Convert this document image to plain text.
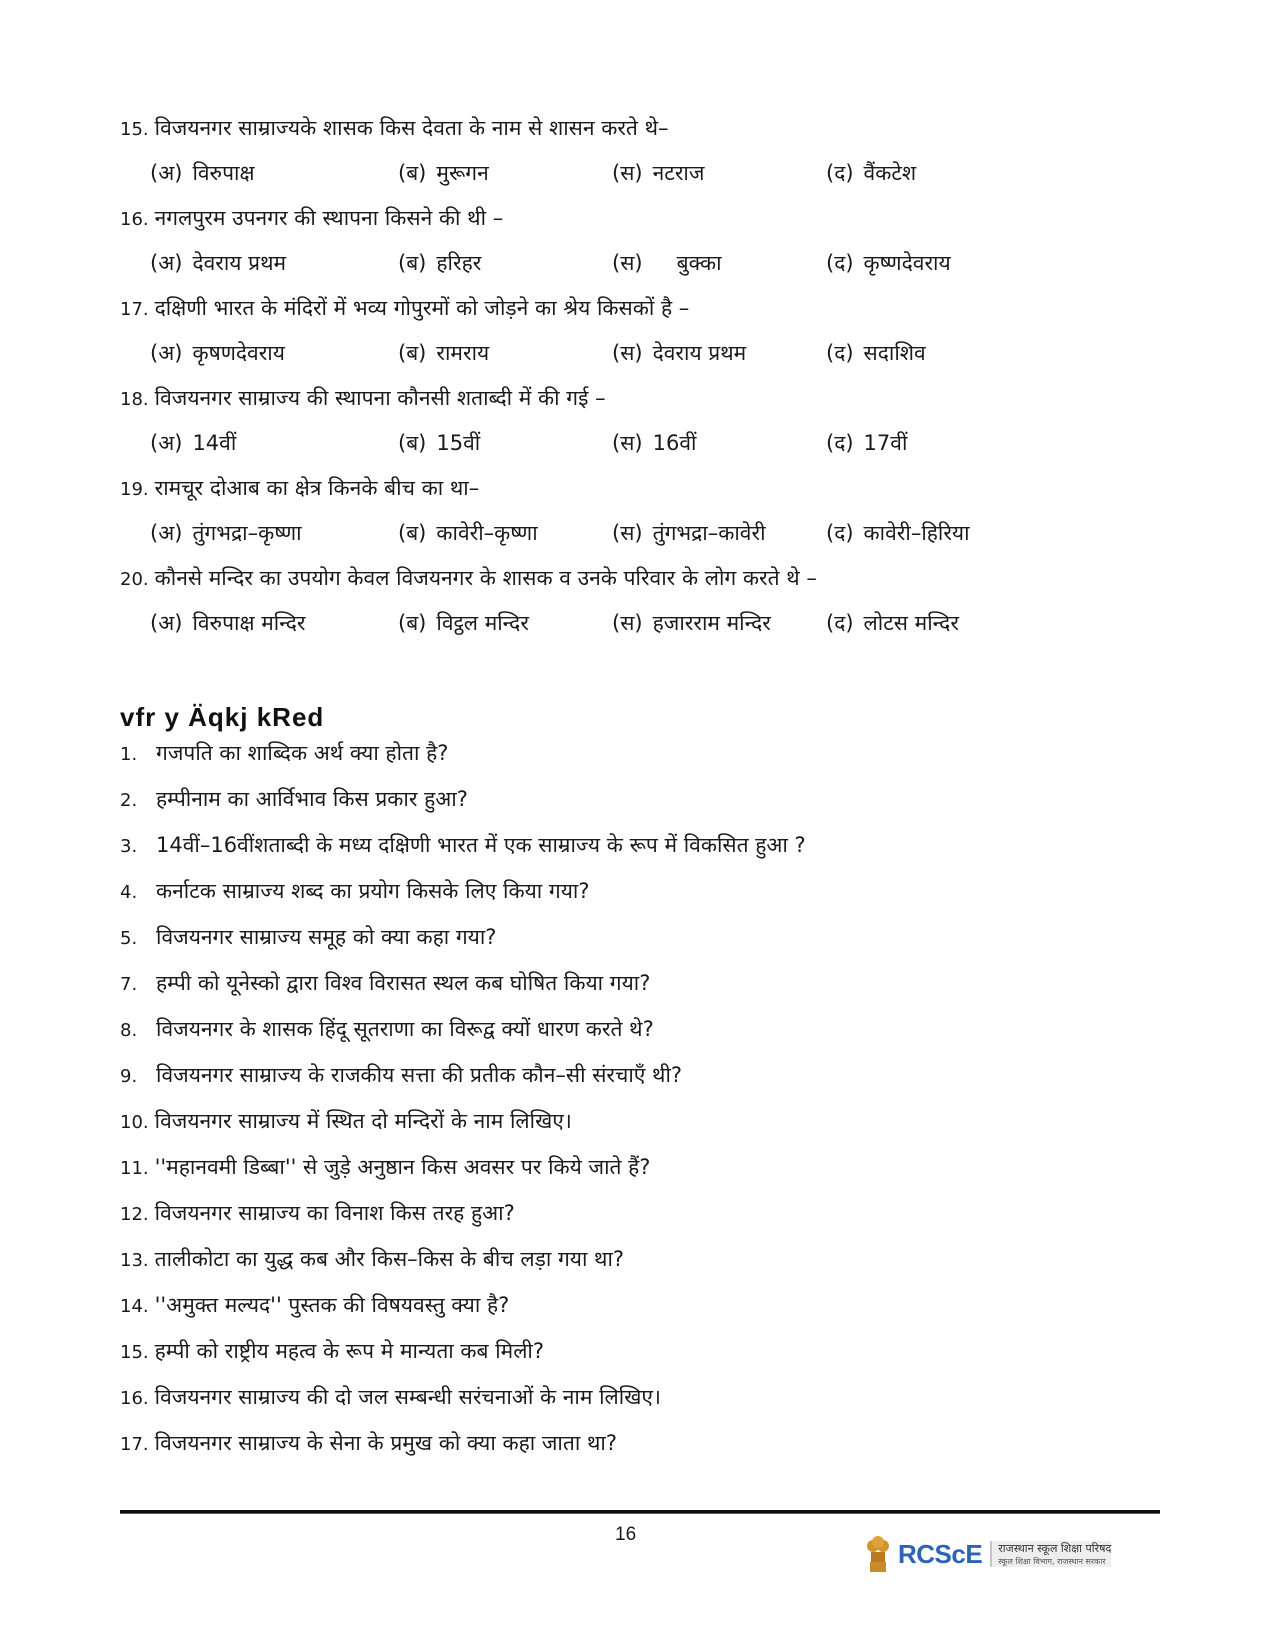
15. विजयनगर साम्राज्यके शासक किस देवता के नाम से शासन करते थे–
(अ) विरुपाक्ष	(ब) मुरूगन	(स) नटराज	(द) वैंकटेश
16. नगलपुरम उपनगर की स्थापना किसने की थी –
(अ) देवराय प्रथम	(ब) हरिहर	(स) बुक्का	(द) कृष्णदेवराय
17. दक्षिणी भारत के मंदिरों में भव्य गोपुरमों को जोड़ने का श्रेय किसकों है –
(अ) कृषणदेवराय	(ब) रामराय	(स) देवराय प्रथम	(द) सदाशिव
18. विजयनगर साम्राज्य की स्थापना कौनसी शताब्दी में की गई –
(अ) 14वीं	(ब) 15वीं	(स) 16वीं	(द) 17वीं
19. रामचूर दोआब का क्षेत्र किनके बीच का था–
(अ) तुंगभद्रा–कृष्णा	(ब) कावेरी–कृष्णा	(स) तुंगभद्रा–कावेरी	(द) कावेरी–हिरिया
20. कौनसे मन्दिर का उपयोग केवल विजयनगर के शासक व उनके परिवार के लोग करते थे –
(अ) विरुपाक्ष मन्दिर	(ब) विट्ठल मन्दिर	(स) हजारराम मन्दिर	(द) लोटस मन्दिर
vfr y Äqkj kRed
1. गजपति का शाब्दिक अर्थ क्या होता है?
2. हम्पीनाम का आर्विभाव किस प्रकार हुआ?
3. 14वीं–16वींशताब्दी के मध्य दक्षिणी भारत में एक साम्राज्य के रूप में विकसित हुआ ?
4. कर्नाटक साम्राज्य शब्द का प्रयोग किसके लिए किया गया?
5. विजयनगर साम्राज्य समूह को क्या कहा गया?
7. हम्पी को यूनेस्को द्वारा विश्व विरासत स्थल कब घोषित किया गया?
8. विजयनगर के शासक हिंदू सूतराणा का विरूद्व क्यों धारण करते थे?
9. विजयनगर साम्राज्य के राजकीय सत्ता की प्रतीक कौन–सी संरचाएँ थी?
10. विजयनगर साम्राज्य में स्थित दो मन्दिरों के नाम लिखिए।
11. ''महानवमी डिब्बा'' से जुड़े अनुष्ठान किस अवसर पर किये जाते हैं?
12. विजयनगर साम्राज्य का विनाश किस तरह हुआ?
13. तालीकोटा का युद्ध कब और किस–किस के बीच लड़ा गया था?
14. ''अमुक्त मल्यद'' पुस्तक की विषयवस्तु क्या है?
15. हम्पी को राष्ट्रीय महत्व के रूप मे मान्यता कब मिली?
16. विजयनगर साम्राज्य की दो जल सम्बन्धी सरंचनाओं के नाम लिखिए।
17. विजयनगर साम्राज्य के सेना के प्रमुख को क्या कहा जाता था?
16
RCScE राजस्थान स्कूल शिक्षा परिषद
स्कूल शिक्षा विभाग, राजस्थान सरकार
